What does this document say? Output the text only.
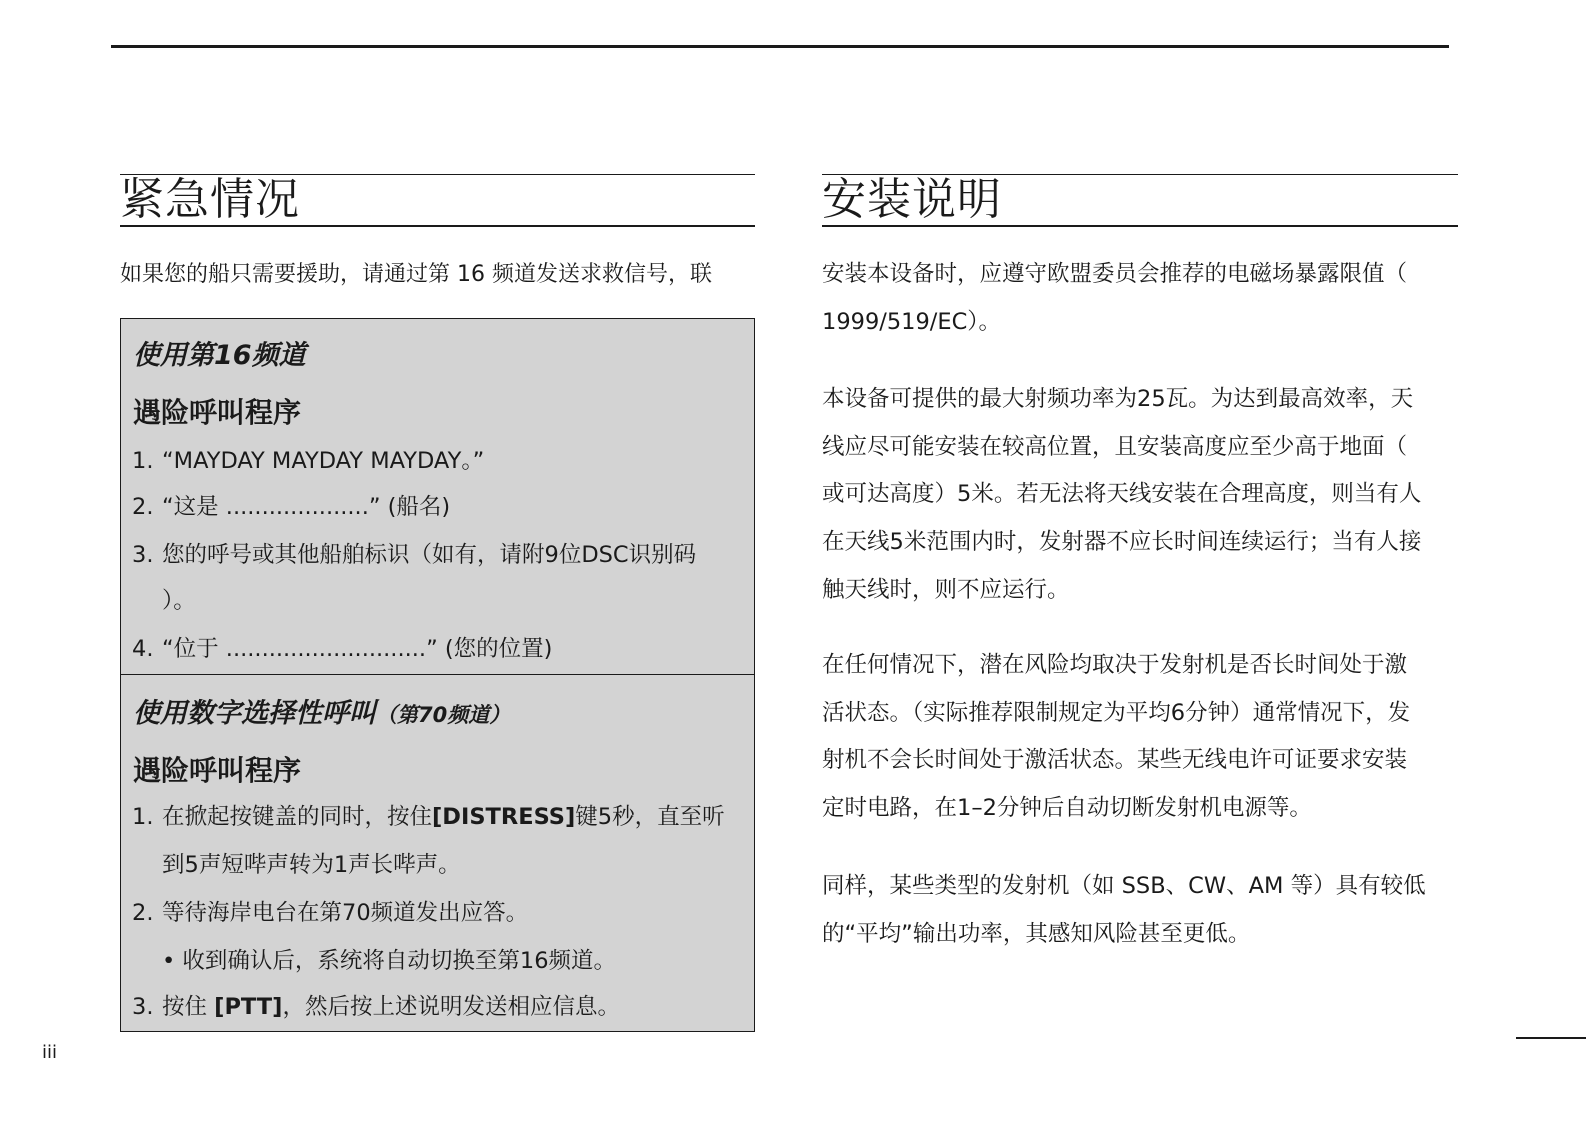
紧急情况
如果您的船只需要援助，请通过第 16 频道发送求救信号，联
使用第16频道
遇险呼叫程序
1. “MAYDAY MAYDAY MAYDAY。”
2. “这是 ....................” (船名)
3. 您的呼号或其他船舶标识（如有，请附9位DSC识别码
）。
4. “位于 ............................” (您的位置)
使用数字选择性呼叫（第70频道）
遇险呼叫程序
1. 在掀起按键盖的同时，按住[DISTRESS]键5秒，直至听
到5声短哔声转为1声长哔声。
2. 等待海岸电台在第70频道发出应答。
• 收到确认后，系统将自动切换至第16频道。
3. 按住 [PTT]，然后按上述说明发送相应信息。
安装说明
安装本设备时，应遵守欧盟委员会推荐的电磁场暴露限值（
1999/519/EC）。
本设备可提供的最大射频功率为25瓦。为达到最高效率，天
线应尽可能安装在较高位置，且安装高度应至少高于地面（
或可达高度）5米。若无法将天线安装在合理高度，则当有人
在天线5米范围内时，发射器不应长时间连续运行；当有人接
触天线时，则不应运行。
在任何情况下，潜在风险均取决于发射机是否长时间处于激
活状态。（实际推荐限制规定为平均6分钟）通常情况下，发
射机不会长时间处于激活状态。某些无线电许可证要求安装
定时电路，在1–2分钟后自动切断发射机电源等。
同样，某些类型的发射机（如 SSB、CW、AM 等）具有较低
的“平均”输出功率，其感知风险甚至更低。
iii
